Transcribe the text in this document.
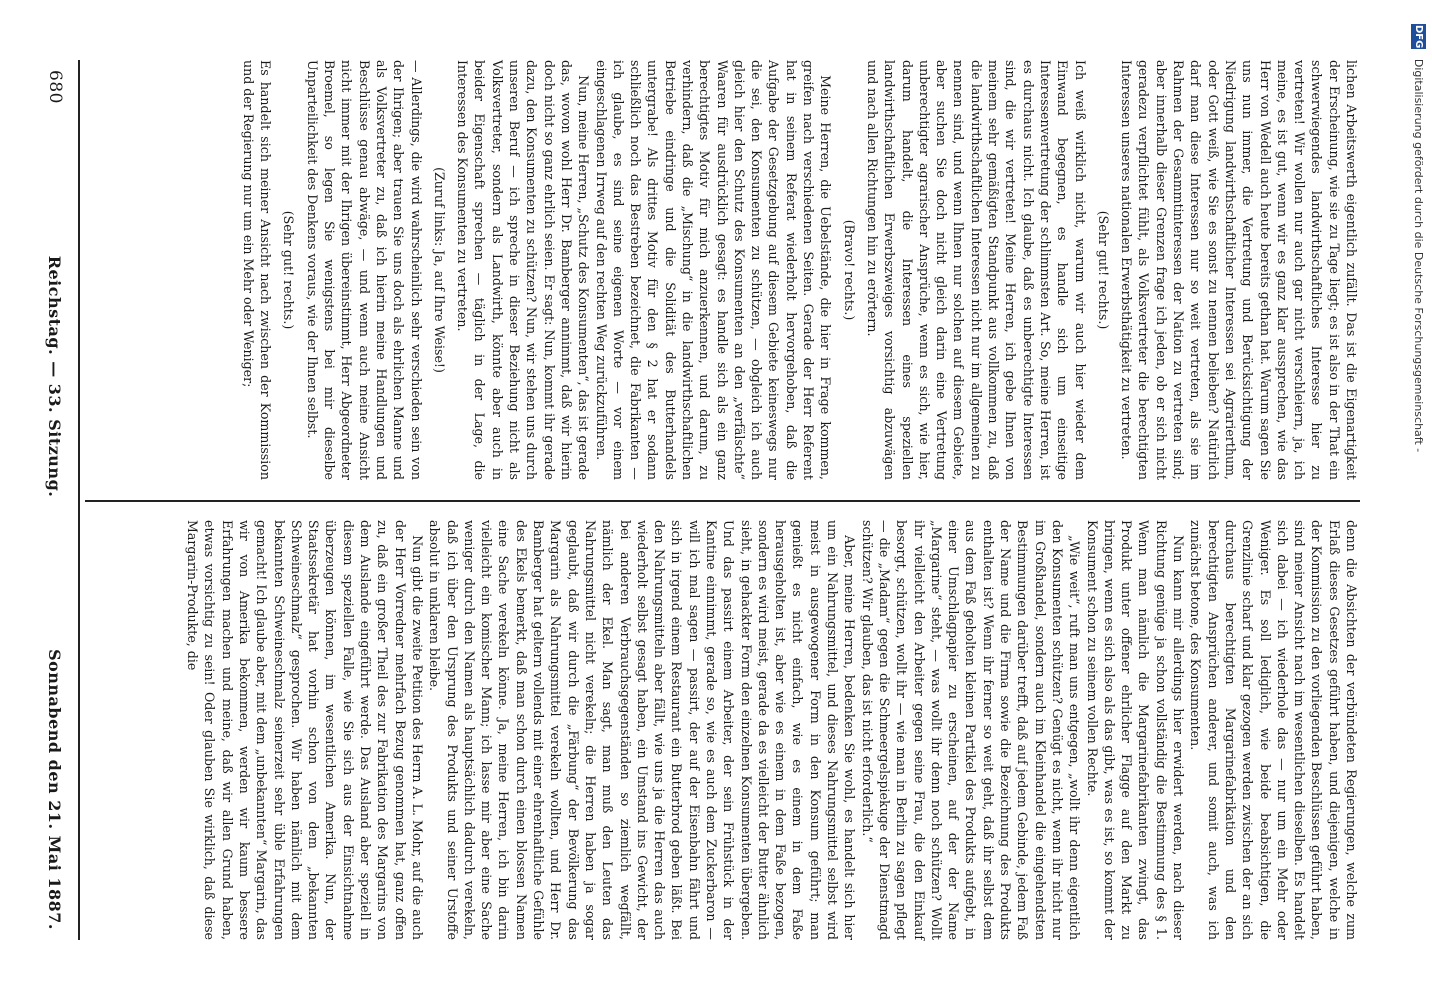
680
Reichstag. — 33. Sitzung.
Sonnabend den 21. Mai 1887.

lichen Arbeitswerth eigentlich zufällt. Das ist die Eigenartigkeit der Erscheinung, wie sie zu Tage liegt; es ist also in der That ein schwerwiegendes landwirthschaftliches Interesse hier zu vertreten! Wir wollen nur auch gar nicht verschleiern, ja, ich meine, es ist gut, wenn wir es ganz klar aussprechen, wie das Herr von Wedell auch heute bereits gethan hat. Warum sagen Sie uns nun immer, die Vertretung und Berücksichtigung der Niedrigung landwirthschaftlicher Interessen sei Agrarierthum, oder Gott weiß, wie Sie es sonst zu nennen belieben? Natürlich darf man diese Interessen nur so weit vertreten, als sie im Rahmen der Gesammtinteressen der Nation zu vertreten sind; aber innerhalb dieser Grenzen frage ich jeden, ob er sich nicht geradezu verpflichtet fühlt, als Volksvertreter die berechtigten Interessen unseres nationalen Erwerbsthätigkeit zu vertreten.

(Sehr gut! rechts.)

Ich weiß wirklich nicht, warum wir auch hier wieder dem Einwand begegnen, es handle sich um einseitige Interessenvertretung der schlimmsten Art. So, meine Herren, ist es durchaus nicht. Ich glaube, daß es unberechtigte Interessen sind, die wir vertreten! Meine Herren, ich gebe Ihnen von meinem sehr gemäßigten Standpunkt aus vollkommen zu, daß die landwirthschaftlichen Interessen nicht nur im allgemeinen zu nennen sind, und wenn Ihnen nur solchen auf diesem Gebiete, aber suchen Sie doch nicht gleich darin eine Vertretung unberechtigter agrarischer Ansprüche, wenn es sich, wie hier, darum handelt, die Interessen eines speziellen landwirthschaftlichen Erwerbszweiges vorsichtig abzuwägen und nach allen Richtungen hin zu erörtern.

(Bravo! rechts.)

Meine Herren, die Uebelstände, die hier in Frage kommen, greifen nach verschiedenen Seiten. Gerade der Herr Referent hat in seinem Referat wiederholt hervorgehoben, daß die Aufgabe der Gesetzgebung auf diesem Gebiete keineswegs nur die sei, den Konsumenten zu schützen, — obgleich ich auch gleich hier den Schutz des Konsumenten an den „verfälschte“ Waaren für ausdrücklich gesagt: es handle sich als ein ganz berechtigtes Motiv für mich anzuerkennen, und darum, zu verhindern, daß die „Mischung“ in die landwirthschaftlichen Betriebe eindringe und die Solidität des Butterhandels untergrabe! Als drittes Motiv für den § 2 hat er sodann schließlich noch das Bestreben bezeichnet, die Fabrikanten — ich glaube, es sind seine eigenen Worte — vor einem eingeschlagenen Irrweg auf den rechten Weg zurückzuführen.

Nun, meine Herren, „Schutz des Konsumenten“, das ist gerade das, wovon wohl Herr Dr. Bamberger annimmt, daß wir hierin doch nicht so ganz ehrlich seien. Er sagt: Nun, kommt ihr gerade dazu, den Konsumenten zu schützen? Nun, wir stehen uns durch unseren Beruf — ich spreche in dieser Beziehung nicht als Volksvertreter, sondern als Landwirth, könnte aber auch in beider Eigenschaft sprechen — täglich in der Lage, die Interessen des Konsumenten zu vertreten.

(Zuruf links: Ja, auf Ihre Weise!)

— Allerdings, die wird wahrscheinlich sehr verschieden sein von der Ihrigen; aber trauen Sie uns doch als ehrlichen Manne und als Volksvertreter zu, daß ich hierin meine Handlungen und Beschlüsse genau abwäge, — und wenn auch meine Ansicht nicht immer mit der Ihrigen übereinstimmt, Herr Abgeordneter Broemel, so legen Sie wenigstens bei mir dieselbe Unparteilichkeit des Denkens voraus, wie der Ihnen selbst.

(Sehr gut! rechts.)

Es handelt sich meiner Ansicht nach zwischen der Kommission und der Regierung nur um ein Mehr oder Weniger;

denn die Absichten der verbündeten Regierungen, welche zum Erlaß dieses Gesetzes geführt haben, und diejenigen, welche in der Kommission zu den vorliegenden Beschlüssen geführt haben, sind meiner Ansicht nach im wesentlichen dieselben. Es handelt sich dabei — ich wiederhole das — nur um ein Mehr oder Weniger. Es soll lediglich, wie beide beabsichtigen, die Grenzlinie scharf und klar gezogen werden zwischen der an sich durchaus berechtigten Margarinefabrikation und den berechtigten Ansprüchen anderer, und somit auch, was ich zunächst betone, des Konsumenten.

Nun kann mir allerdings hier erwidert werden, nach dieser Richtung genüge ja schon vollständig die Bestimmung des § 1. Wenn man nämlich die Margarinefabrikanten zwingt, das Produkt unter offener ehrlicher Flagge auf den Markt zu bringen, wenn es sich also als das gibt, was es ist, so kommt der Konsument schon zu seinem vollen Rechte.

„Wie weit“, ruft man uns entgegen, „wollt ihr denn eigentlich den Konsumenten schützen? Genügt es nicht, wenn ihr nicht nur im Großhandel, sondern auch im Kleinhandel die eingehendsten Bestimmungen darüber trefft, daß auf jedem Gebinde, jedem Faß der Name und die Firma sowie die Bezeichnung des Produkts enthalten ist? Wenn ihr ferner so weit geht, daß ihr selbst dem aus dem Faß geholten kleinen Partikel des Produkts aufgebt, in einer Umschlagpapier zu erscheinen, auf der der Name „Margarine“ steht, — was wollt ihr denn noch schützen? Wollt ihr vielleicht den Arbeiter gegen seine Frau, die den Einkauf besorgt, schützen, wollt ihr — wie man in Berlin zu sagen pflegt — die „Madam“ gegen die Schmeergelspiekuge der Dienstmagd schützen? Wir glauben, das ist nicht erforderlich.“

Aber, meine Herren, bedenken Sie wohl, es handelt sich hier um ein Nahrungsmittel, und dieses Nahrungsmittel selbst wird meist in ausgewogener Form in den Konsum geführt; man genießt es nicht einfach, wie es einem in dem Faße herausgeholten ist, aber wie es einem in dem Faße bezogen, sondern es wird meist, gerade da es vielleicht der Butter ähnlich sieht, in gehackter Form den einzelnen Konsumenten übergeben. Und das passirt einem Arbeiter, der sein Frühstück in der Kantine einnimmt, gerade so, wie es auch dem Zuckerbaron — will ich mal sagen — passirt, der auf der Eisenbahn fährt und sich in irgend einem Restaurant ein Butterbrod geben läßt. Bei den Nahrungsmitteln aber fällt, wie uns ja die Herren das auch wiederholt selbst gesagt haben, ein Umstand ins Gewicht, der bei anderen Verbrauchsgegenständen so ziemlich wegfällt, nämlich der Ekel. Man sagt, man muß den Leuten das Nahrungsmittel nicht verekeln; die Herren haben ja sogar geglaubt, daß wir durch die „Färbung“ der Bevölkerung das Margarin als Nahrungsmittel verekeln wollten, und Herr Dr. Bamberger hat geltern vollends mit einer ehrenhaftliche Gefühle des Ekels bemerkt, daß man schon durch einen blossen Namen eine Sache verekeln könne. Ja, meine Herren, ich bin darin vielleicht ein komischer Mann; ich lasse mir aber eine Sache weniger durch den Namen als hauptsächlich dadurch verekeln, daß ich über den Ursprung des Produkts und seiner Urstoffe absolut in unklaren bleibe.

Nun gibt die zweite Petition des Herrn A. L. Mohr, auf die auch der Herr Vorredner mehrfach Bezug genommen hat, ganz offen zu, daß ein großer Theil des zur Fabrikation des Margarins von dem Auslande eingeführt werde. Das Ausland aber speziell in diesem speziellen Falle, wie Sie sich aus der Einsichtnahme überzeugen können, im wesentlichen Amerika. Nun, der Staatssekretär hat vorhin schon von dem „bekannten Schweineschmalz“ gesprochen. Wir haben nämlich mit dem bekannten Schweineschmalz seinerzeit sehr üble Erfahrungen gemacht! Ich glaube aber, mit dem „unbekannten“ Margarin, das wir von Amerika bekommen, werden wir kaum bessere Erfahrungen machen und meine, daß wir allen Grund haben, etwas vorsichtig zu sein! Oder glauben Sie wirklich, daß diese Margarin-Produkte, die

DFG Digitalisierung gefördert durch die Deutsche Forschungsgemeinschaft -
